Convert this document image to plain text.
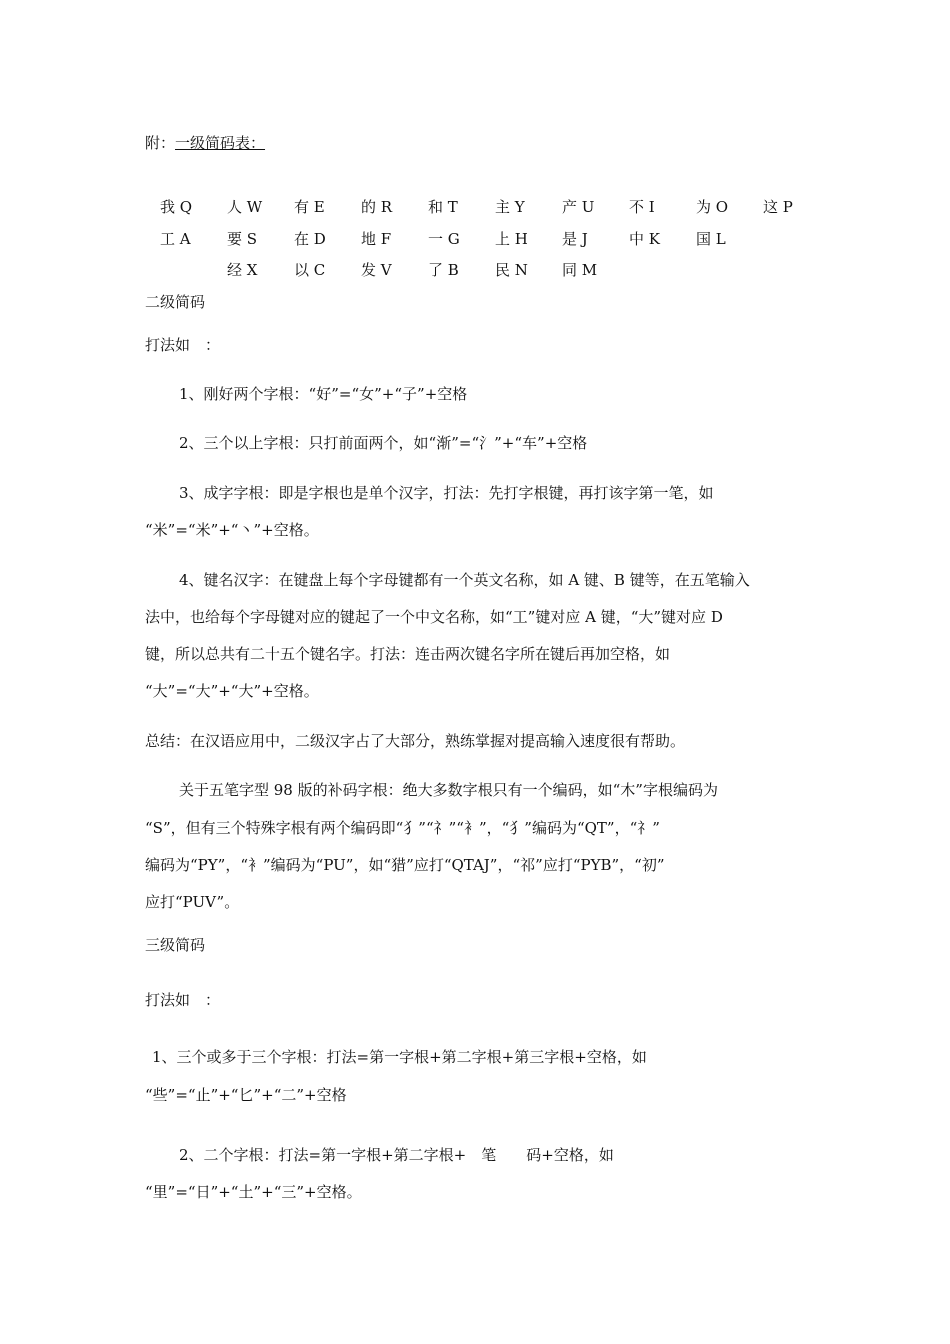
附：一级简码表：
我 Q 人 W 有 E 的 R 和 T 主 Y 产 U 不 I	为 O 这 P
工 A 要 S 在 D 地 F 一 G 上 H 是 J	中 K 国 L
经 X 以 C 发 V 了 B 民 N 同 M
二级简码
打法如　：
1、刚好两个字根：“好”=“女”+“子”+空格
2、三个以上字根：只打前面两个，如“渐”=“氵”+“车”+空格
3、成字字根：即是字根也是单个汉字，打法：先打字根键，再打该字第一笔，如
“米”=“米”+“丶”+空格。
4、键名汉字：在键盘上每个字母键都有一个英文名称，如 A 键、B 键等，在五笔输入
法中，也给每个字母键对应的键起了一个中文名称，如“工”键对应 A 键，“大”键对应 D
键，所以总共有二十五个键名字。打法：连击两次键名字所在键后再加空格，如
“大”=“大”+“大”+空格。
总结：在汉语应用中，二级汉字占了大部分，熟练掌握对提高输入速度很有帮助。
关于五笔字型 98 版的补码字根：绝大多数字根只有一个编码，如“木”字根编码为
“S”，但有三个特殊字根有两个编码即“犭”“礻”“衤”，“犭”编码为“QT”，“礻”
编码为“PY”，“衤”编码为“PU”，如“猎”应打“QTAJ”，“祁”应打“PYB”，“初”
应打“PUV”。
三级简码
打法如　：
1、三个或多于三个字根：打法=第一字根+第二字根+第三字根+空格，如
“些”=“止”+“匕”+“二”+空格
2、二个字根：打法=第一字根+第二字根+　笔　　码+空格，如
“里”=“日”+“土”+“三”+空格。
